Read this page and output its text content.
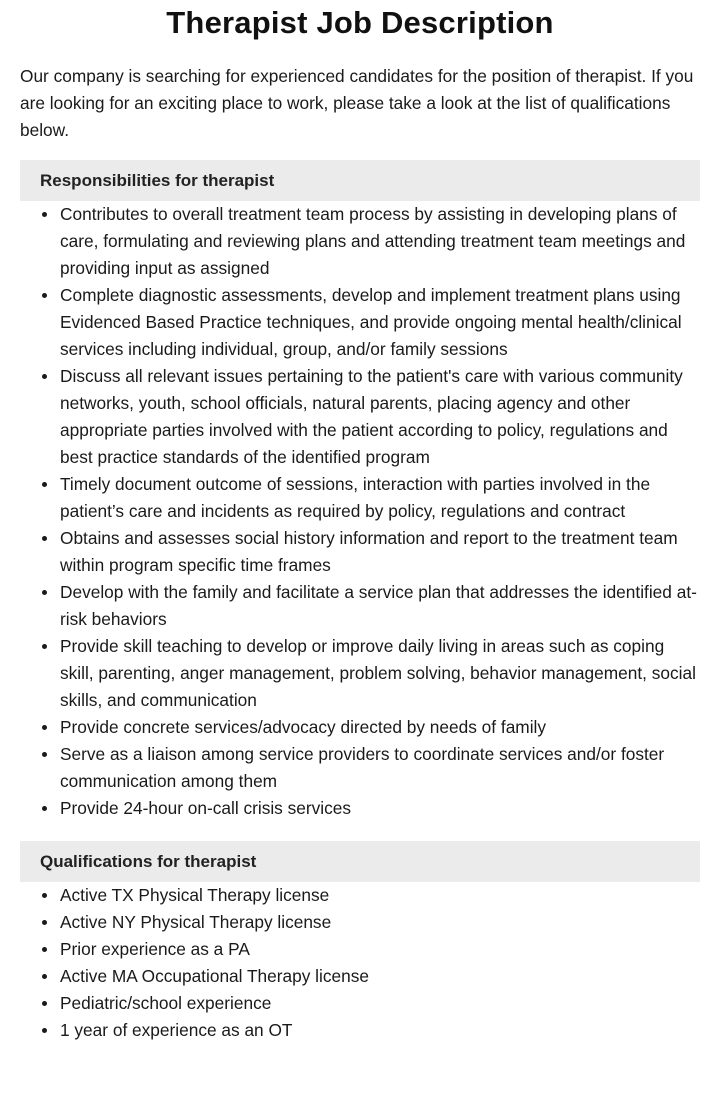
Therapist Job Description

Our company is searching for experienced candidates for the position of therapist. If you are looking for an exciting place to work, please take a look at the list of qualifications below.

Responsibilities for therapist
Contributes to overall treatment team process by assisting in developing plans of care, formulating and reviewing plans and attending treatment team meetings and providing input as assigned
Complete diagnostic assessments, develop and implement treatment plans using Evidenced Based Practice techniques, and provide ongoing mental health/clinical services including individual, group, and/or family sessions
Discuss all relevant issues pertaining to the patient's care with various community networks, youth, school officials, natural parents, placing agency and other appropriate parties involved with the patient according to policy, regulations and best practice standards of the identified program
Timely document outcome of sessions, interaction with parties involved in the patient’s care and incidents as required by policy, regulations and contract
Obtains and assesses social history information and report to the treatment team within program specific time frames
Develop with the family and facilitate a service plan that addresses the identified at-risk behaviors
Provide skill teaching to develop or improve daily living in areas such as coping skill, parenting, anger management, problem solving, behavior management, social skills, and communication
Provide concrete services/advocacy directed by needs of family
Serve as a liaison among service providers to coordinate services and/or foster communication among them
Provide 24-hour on-call crisis services
Qualifications for therapist
Active TX Physical Therapy license
Active NY Physical Therapy license
Prior experience as a PA
Active MA Occupational Therapy license
Pediatric/school experience
1 year of experience as an OT
